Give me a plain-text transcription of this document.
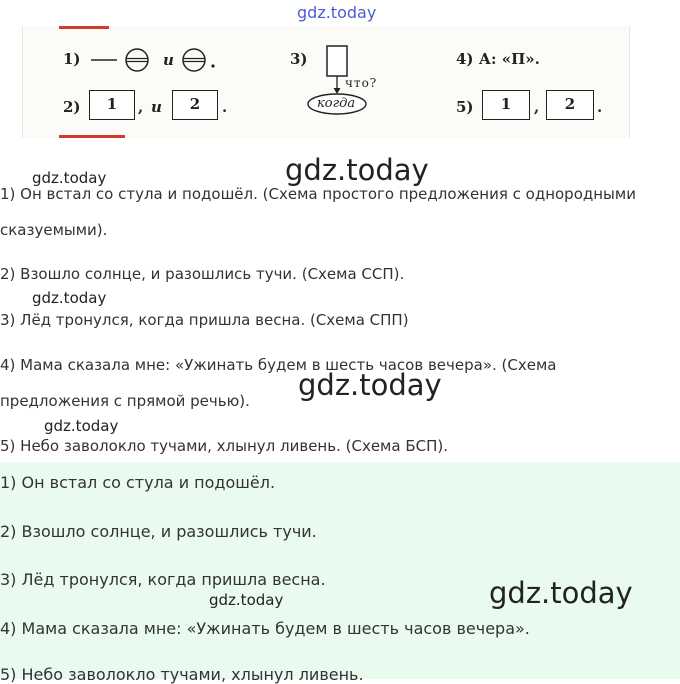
1)	и
2)	1	, и	2	.
3)
что?
когда
4) А: «П».
5)	1	,	2	.
1) Он встал со стула и подошёл. (Схема простого предложения с однородными
сказуемыми).
2) Взошло солнце, и разошлись тучи. (Схема ССП).
3) Лёд тронулся, когда пришла весна. (Схема СПП)
4) Мама сказала мне: «Ужинать будем в шесть часов вечера». (Схема
предложения с прямой речью).
5) Небо заволокло тучами, хлынул ливень. (Схема БСП).
1) Он встал со стула и подошёл.
2) Взошло солнце, и разошлись тучи.
3) Лёд тронулся, когда пришла весна.
4) Мама сказала мне: «Ужинать будем в шесть часов вечера».
5) Небо заволокло тучами, хлынул ливень.
gdz.today
gdz.today	gdz.today
gdz.today
gdz.today
gdz.today
gdz.today
gdz.today
